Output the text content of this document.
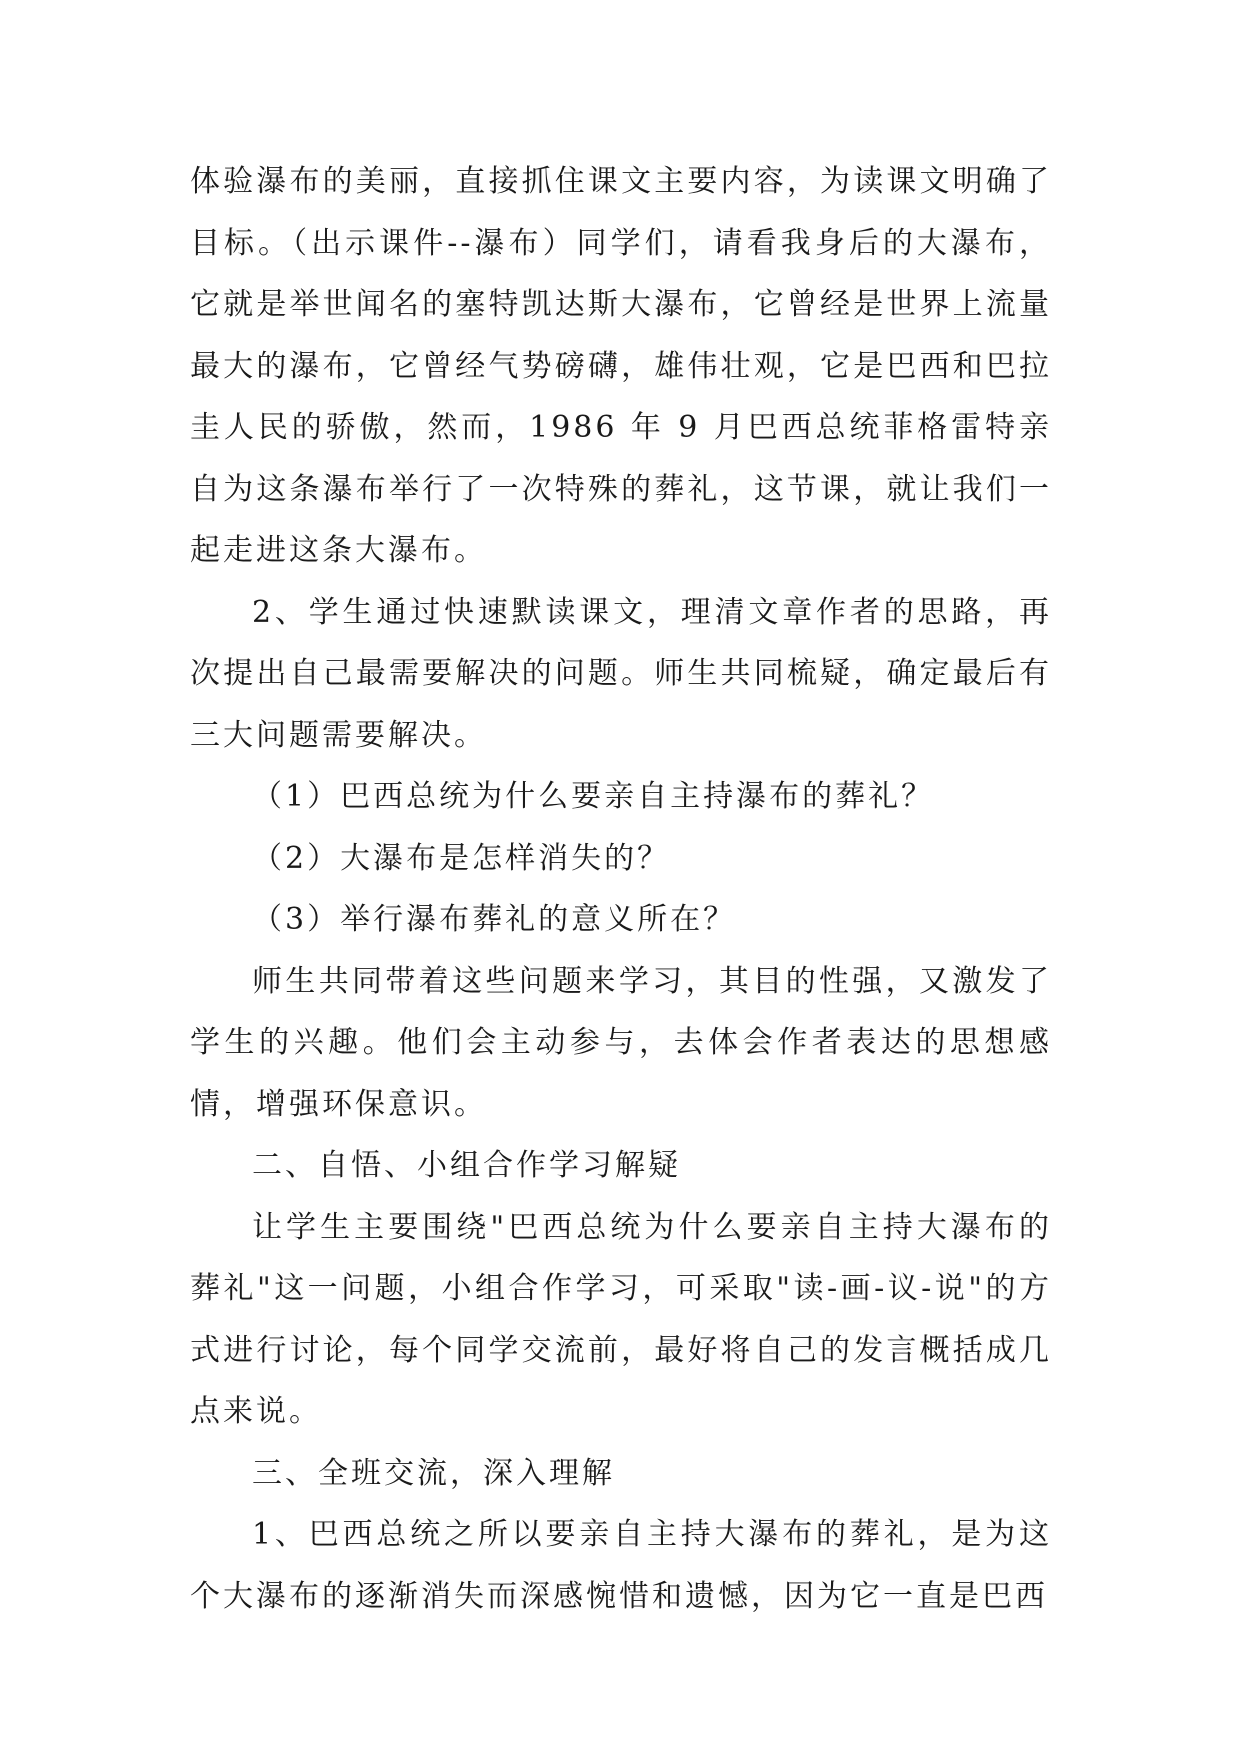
体验瀑布的美丽，直接抓住课文主要内容，为读课文明确了目标。（出示课件--瀑布）同学们，请看我身后的大瀑布，它就是举世闻名的塞特凯达斯大瀑布，它曾经是世界上流量最大的瀑布，它曾经气势磅礴，雄伟壮观，它是巴西和巴拉圭人民的骄傲，然而，1986 年 9 月巴西总统菲格雷特亲自为这条瀑布举行了一次特殊的葬礼，这节课，就让我们一起走进这条大瀑布。

2、学生通过快速默读课文，理清文章作者的思路，再次提出自己最需要解决的问题。师生共同梳疑，确定最后有三大问题需要解决。

（1）巴西总统为什么要亲自主持瀑布的葬礼？

（2）大瀑布是怎样消失的？

（3）举行瀑布葬礼的意义所在？

师生共同带着这些问题来学习，其目的性强，又激发了学生的兴趣。他们会主动参与，去体会作者表达的思想感情，增强环保意识。

二、自悟、小组合作学习解疑

让学生主要围绕"巴西总统为什么要亲自主持大瀑布的葬礼"这一问题，小组合作学习，可采取"读-画-议-说"的方式进行讨论，每个同学交流前，最好将自己的发言概括成几点来说。

三、全班交流，深入理解

1、巴西总统之所以要亲自主持大瀑布的葬礼，是为这个大瀑布的逐渐消失而深感惋惜和遗憾，因为它一直是巴西
